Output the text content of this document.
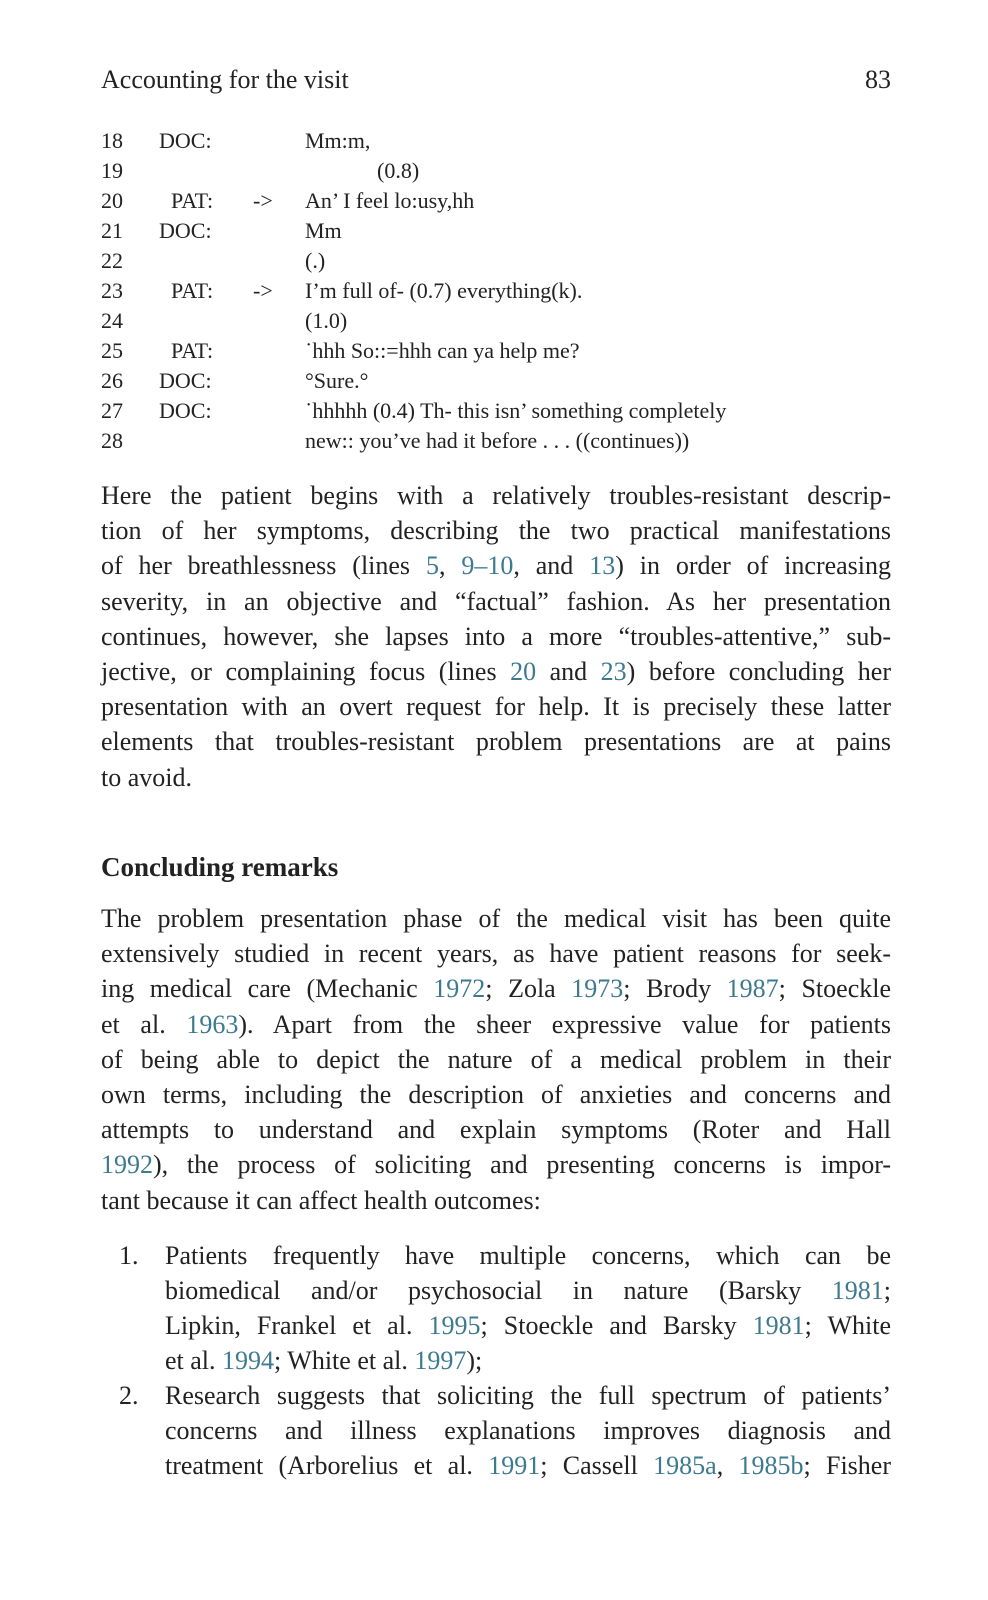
Accounting for the visit	83
18 DOC:	Mm:m,
19	(0.8)
20 PAT: -> An’ I feel lo:usy,hh
21 DOC:	Mm
22	(.)
23 PAT: -> I’m full of- (0.7) everything(k).
24	(1.0)
25 PAT:	˙hhh So::=hhh can ya help me?
26 DOC:	°Sure.°
27 DOC:	˙hhhhh (0.4) Th- this isn’ something completely
28	new:: you’ve had it before . . . ((continues))
Here the patient begins with a relatively troubles-resistant descrip-
tion of her symptoms, describing the two practical manifestations
of her breathlessness (lines 5, 9–10, and 13) in order of increasing
severity, in an objective and “factual” fashion. As her presentation
continues, however, she lapses into a more “troubles-attentive,” sub-
jective, or complaining focus (lines 20 and 23) before concluding her
presentation with an overt request for help. It is precisely these latter
elements that troubles-resistant problem presentations are at pains
to avoid.
Concluding remarks
The problem presentation phase of the medical visit has been quite
extensively studied in recent years, as have patient reasons for seek-
ing medical care (Mechanic 1972; Zola 1973; Brody 1987; Stoeckle
et al. 1963). Apart from the sheer expressive value for patients
of being able to depict the nature of a medical problem in their
own terms, including the description of anxieties and concerns and
attempts to understand and explain symptoms (Roter and Hall
1992), the process of soliciting and presenting concerns is impor-
tant because it can affect health outcomes:
1. Patients frequently have multiple concerns, which can be
biomedical and/or psychosocial in nature (Barsky 1981;
Lipkin, Frankel et al. 1995; Stoeckle and Barsky 1981; White
et al. 1994; White et al. 1997);
2. Research suggests that soliciting the full spectrum of patients’
concerns and illness explanations improves diagnosis and
treatment (Arborelius et al. 1991; Cassell 1985a, 1985b; Fisher
